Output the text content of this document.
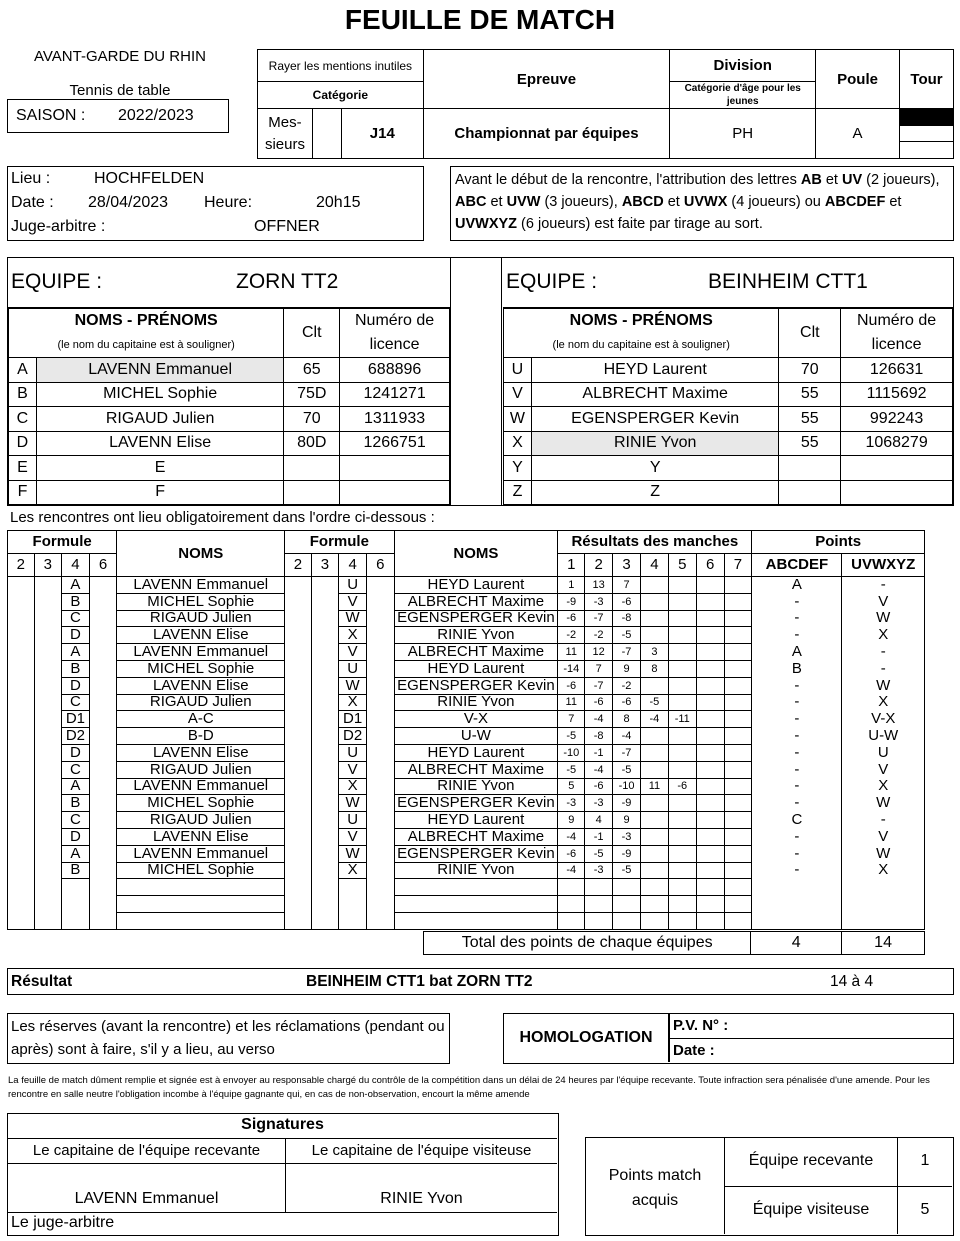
FEUILLE DE MATCH
AVANT-GARDE DU RHIN
Tennis de table
SAISON : 2022/2023
Rayer les mentions inutiles			Epreuve	Division	Poule	Tour
Catégorie				Catégorie d'âge pour les jeunes		
Mes-sieurs		J14	Championnat par équipes	PH	A	
Lieu :	HOCHFELDEN
Date : 28/04/2023 Heure:	20h15
Juge-arbitre :	OFFNER
Avant le début de la rencontre, l'attribution des lettres AB et UV (2 joueurs), ABC et UVW (3 joueurs), ABCD et UVWX (4 joueurs) ou ABCDEF et UVWXYZ (6 joueurs) est faite par tirage au sort.
EQUIPE :	ZORN TT2
NOMS - PRÉNOMS		Clt	Numéro de
(le nom du capitaine est à souligner)			licence
A	LAVENN Emmanuel	65	688896
B	MICHEL Sophie	75D	1241271
C	RIGAUD Julien	70	1311933
D	LAVENN Elise	80D	1266751
E	E		
F	F		
EQUIPE :	BEINHEIM CTT1
NOMS - PRÉNOMS		Clt	Numéro de
(le nom du capitaine est à souligner)			licence
U	HEYD Laurent	70	126631
V	ALBRECHT Maxime	55	1115692
W	EGENSPERGER Kevin	55	992243
X	RINIE Yvon	55	1068279
Y	Y		
Z	Z		
Les rencontres ont lieu obligatoirement dans l'ordre ci-dessous :
Formule				NOMS	Formule				NOMS	Résultats des manches							Points	
2	3	4	6		2	3	4	6		1	2	3	4	5	6	7	ABCDEF	UVWXYZ
		A		LAVENN Emmanuel			U		HEYD Laurent	1	13	7					A	-
		B		MICHEL Sophie			V		ALBRECHT Maxime	-9	-3	-6					-	V
		C		RIGAUD Julien			W		EGENSPERGER Kevin	-6	-7	-8					-	W
		D		LAVENN Elise			X		RINIE Yvon	-2	-2	-5					-	X
		A		LAVENN Emmanuel			V		ALBRECHT Maxime	11	12	-7	3				A	-
		B		MICHEL Sophie			U		HEYD Laurent	-14	7	9	8				B	-
		D		LAVENN Elise			W		EGENSPERGER Kevin	-6	-7	-2					-	W
		C		RIGAUD Julien			X		RINIE Yvon	11	-6	-6	-5				-	X
		D1		A-C			D1		V-X	7	-4	8	-4	-11			-	V-X
		D2		B-D			D2		U-W	-5	-8	-4					-	U-W
		D		LAVENN Elise			U		HEYD Laurent	-10	-1	-7					-	U
		C		RIGAUD Julien			V		ALBRECHT Maxime	-5	-4	-5					-	V
		A		LAVENN Emmanuel			X		RINIE Yvon	5	-6	-10	11	-6			-	X
		B		MICHEL Sophie			W		EGENSPERGER Kevin	-3	-3	-9					-	W
		C		RIGAUD Julien			U		HEYD Laurent	9	4	9					C	-
		D		LAVENN Elise			V		ALBRECHT Maxime	-4	-1	-3					-	V
		A		LAVENN Emmanuel			W		EGENSPERGER Kevin	-6	-5	-9					-	W
		B		MICHEL Sophie			X		RINIE Yvon	-4	-3	-5					-	X

Total des points de chaque équipes	4	14
Résultat	BEINHEIM CTT1 bat ZORN TT2	14 à 4
Les réserves (avant la rencontre) et les réclamations (pendant ou après) sont à faire, s'il y a lieu, au verso
HOMOLOGATION
P.V. N° :
Date :
La feuille de match dûment remplie et signée est à envoyer au responsable chargé du contrôle de la compétition dans un délai de 24 heures par l'équipe recevante. Toute infraction sera pénalisée d'une amende. Pour les rencontre en salle neutre l'obligation incombe à l'équipe gagnante qui, en cas de non-observation, encourt la même amende
Signatures
Le capitaine de l'équipe recevante	Le capitaine de l'équipe visiteuse
LAVENN Emmanuel	RINIE Yvon
Le juge-arbitre
Points match acquis
Équipe recevante	1
Équipe visiteuse	5
